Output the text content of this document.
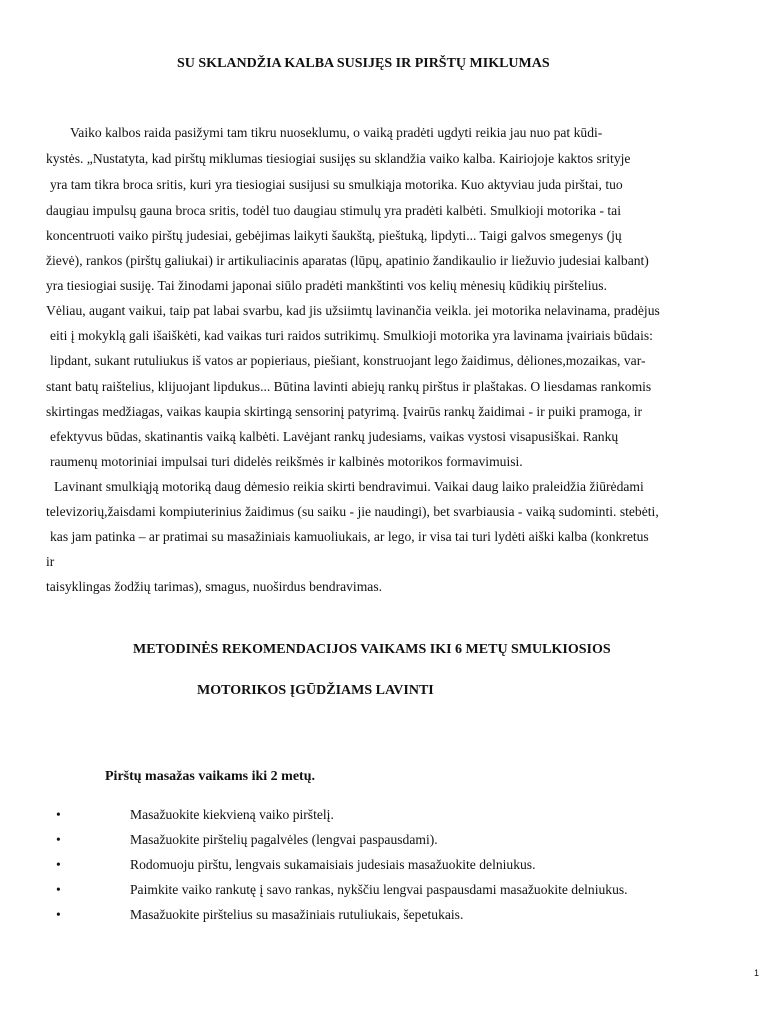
SU SKLANDŽIA KALBA SUSIJĘS IR PIRŠTŲ MIKLUMAS
Vaiko kalbos raida pasižymi tam tikru nuoseklumu, o vaiką pradėti ugdyti reikia jau nuo pat kūdi-
kystės. „Nustatyta, kad pirštų miklumas tiesiogiai susijęs su sklandžia vaiko kalba. Kairiojoje kaktos srityje
yra tam tikra broca sritis, kuri yra tiesiogiai susijusi su smulkiąja motorika. Kuo aktyviau juda pirštai, tuo
daugiau impulsų gauna broca sritis, todėl tuo daugiau stimulų yra pradėti kalbėti. Smulkioji motorika - tai
koncentruoti vaiko pirštų judesiai, gebėjimas laikyti šaukštą, pieštuką, lipdyti... Taigi galvos smegenys (jų
žievė), rankos (pirštų galiukai) ir artikuliacinis aparatas (lūpų, apatinio žandikaulio ir liežuvio judesiai kalbant)
yra tiesiogiai susiję. Tai žinodami japonai siūlo pradėti mankštinti vos kelių mėnesių kūdikių pirštelius.
Vėliau, augant vaikui, taip pat labai svarbu, kad jis užsiimtų lavinančia veikla. jei motorika nelavinama, pradėjus
eiti į mokyklą gali išaiškėti, kad vaikas turi raidos sutrikimų. Smulkioji motorika yra lavinama įvairiais būdais:
lipdant, sukant rutuliukus iš vatos ar popieriaus, piešiant, konstruojant lego žaidimus, dėliones,mozaikas, var-
stant batų raištelius, klijuojant lipdukus... Būtina lavinti abiejų rankų pirštus ir plaštakas. O liesdamas rankomis
skirtingas medžiagas, vaikas kaupia skirtingą sensorinį patyrimą. Įvairūs rankų žaidimai - ir puiki pramoga, ir
efektyvus būdas, skatinantis vaiką kalbėti. Lavėjant rankų judesiams, vaikas vystosi visapusiškai. Rankų
raumenų motoriniai impulsai turi didelės reikšmės ir kalbinės motorikos formavimuisi.
Lavinant smulkiąją motoriką daug dėmesio reikia skirti bendravimui. Vaikai daug laiko praleidžia žiūrėdami
televizorių,žaisdami kompiuterinius žaidimus (su saiku - jie naudingi), bet svarbiausia - vaiką sudominti. stebėti,
kas jam patinka – ar pratimai su masažiniais kamuoliukais, ar lego, ir visa tai turi lydėti aiški kalba (konkretus
ir
taisyklingas žodžių tarimas), smagus, nuoširdus bendravimas.
METODINĖS REKOMENDACIJOS VAIKAMS IKI 6 METŲ SMULKIOSIOS
MOTORIKOS ĮGŪDŽIAMS LAVINTI
Pirštų masažas vaikams iki 2 metų.
•	Masažuokite kiekvieną vaiko pirštelį.
•	Masažuokite pirštelių pagalvėles (lengvai paspausdami).
•	Rodomuoju pirštu, lengvais sukamaisiais judesiais masažuokite delniukus.
•	Paimkite vaiko rankutę į savo rankas, nykščiu lengvai paspausdami masažuokite delniukus.
•	Masažuokite pirštelius su masažiniais rutuliukais, šepetukais.
1
